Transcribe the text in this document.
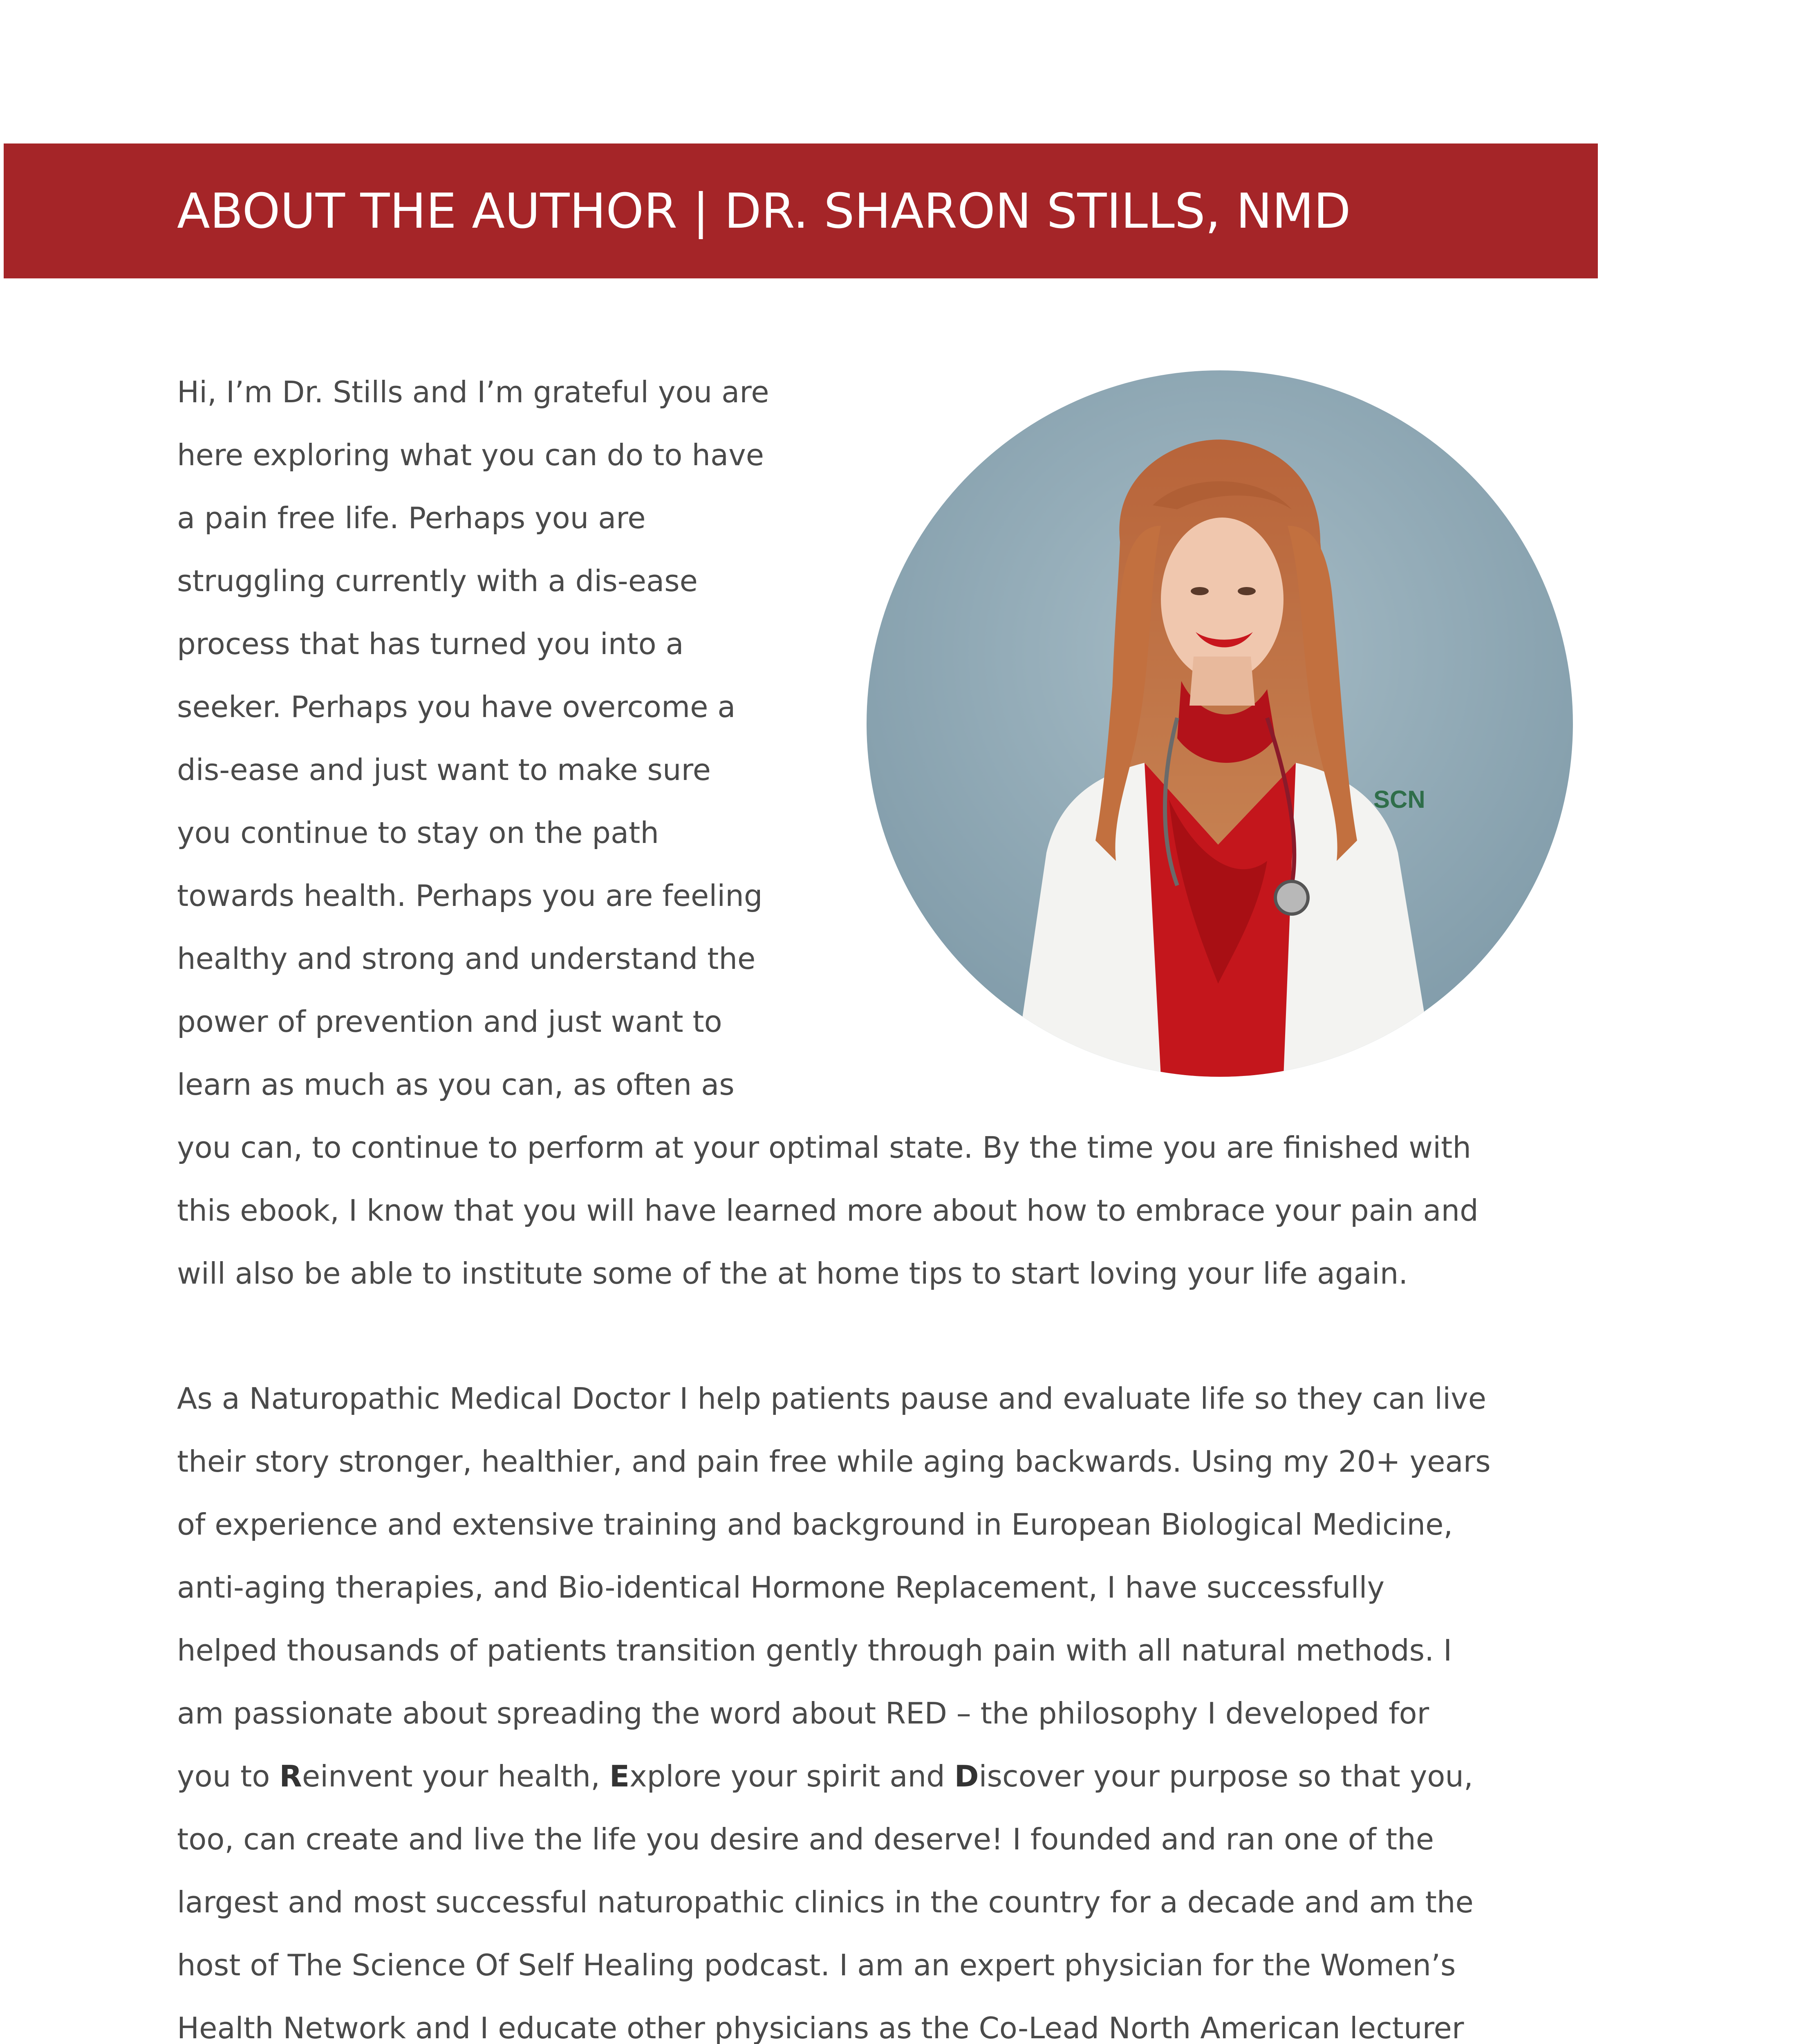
ABOUT THE AUTHOR | DR. SHARON STILLS, NMD
SCN
Hi, I’m Dr. Stills and I’m grateful you are
here exploring what you can do to have
a pain free life. Perhaps you are
struggling currently with a dis-ease
process that has turned you into a
seeker. Perhaps you have overcome a
dis-ease and just want to make sure
you continue to stay on the path
towards health. Perhaps you are feeling
healthy and strong and understand the
power of prevention and just want to
learn as much as you can, as often as
you can, to continue to perform at your optimal state. By the time you are finished with
this ebook, I know that you will have learned more about how to embrace your pain and
will also be able to institute some of the at home tips to start loving your life again.
As a Naturopathic Medical Doctor I help patients pause and evaluate life so they can live
their story stronger, healthier, and pain free while aging backwards. Using my 20+ years
of experience and extensive training and background in European Biological Medicine,
anti-aging therapies, and Bio-identical Hormone Replacement, I have successfully
helped thousands of patients transition gently through pain with all natural methods. I
am passionate about spreading the word about RED – the philosophy I developed for
you to Reinvent your health, Explore your spirit and Discover your purpose so that you,
too, can create and live the life you desire and deserve! I founded and ran one of the
largest and most successful naturopathic clinics in the country for a decade and am the
host of The Science Of Self Healing podcast. I am an expert physician for the Women’s
Health Network and I educate other physicians as the Co-Lead North American lecturer
